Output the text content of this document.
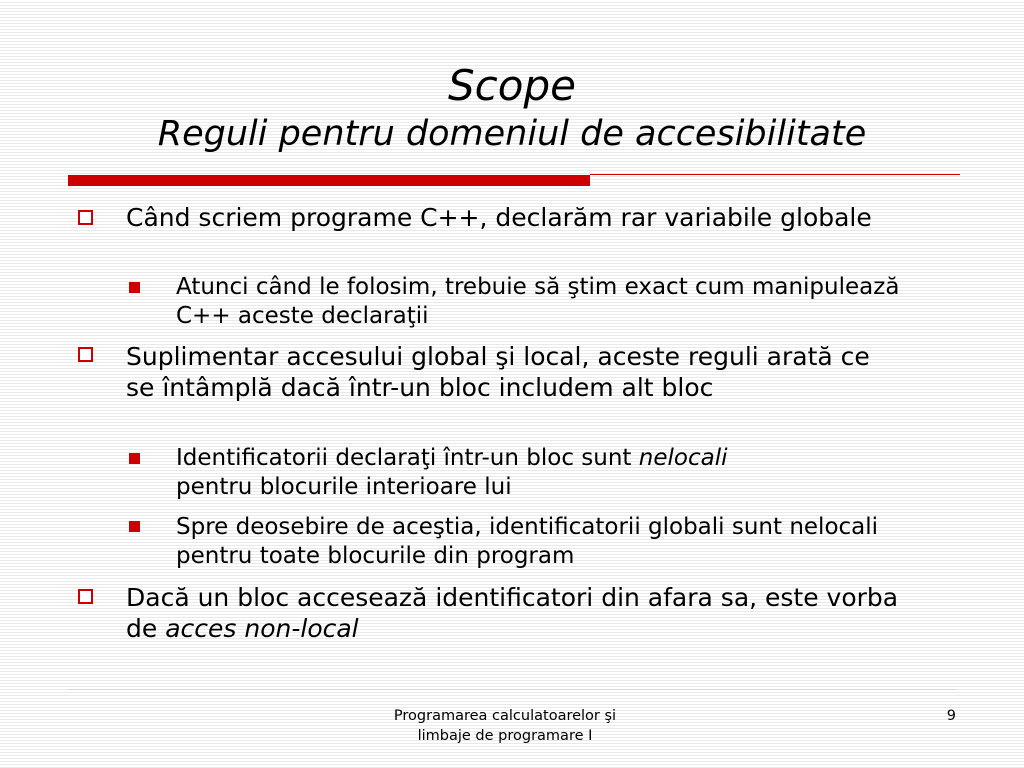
Scope
Reguli pentru domeniul de accesibilitate
Când scriem programe C++, declarăm rar variabile globale
Atunci când le folosim, trebuie să ştim exact cum manipulează C++ aceste declaraţii
Suplimentar accesului global şi local, aceste reguli arată ce se întâmplă dacă într-un bloc includem alt bloc
Identificatorii declaraţi într-un bloc sunt nelocali
pentru blocurile interioare lui
Spre deosebire de aceştia, identificatorii globali sunt nelocali pentru toate blocurile din program
Dacă un bloc accesează identificatori din afara sa, este vorba de acces non-local
Programarea calculatoarelor şi
limbaje de programare I
9
